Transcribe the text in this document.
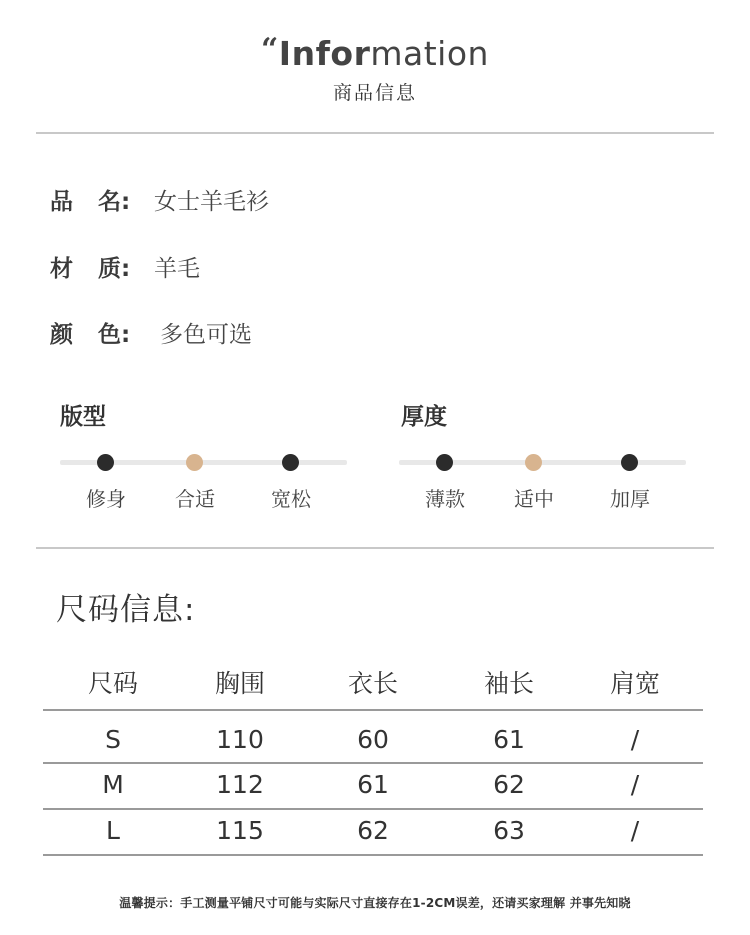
“Information
商品信息
品 名:	女士羊毛衫
材 质:	羊毛
颜 色:	多色可选
版型
修身	合适	宽松
厚度
薄款	适中	加厚
尺码信息:
尺码	胸围	衣长	袖长	肩宽
S	110	60	61	/
M	112	61	62	/
L	115	62	63	/
温馨提示：手工测量平铺尺寸可能与实际尺寸直接存在1-2CM误差，还请买家理解 并事先知晓
